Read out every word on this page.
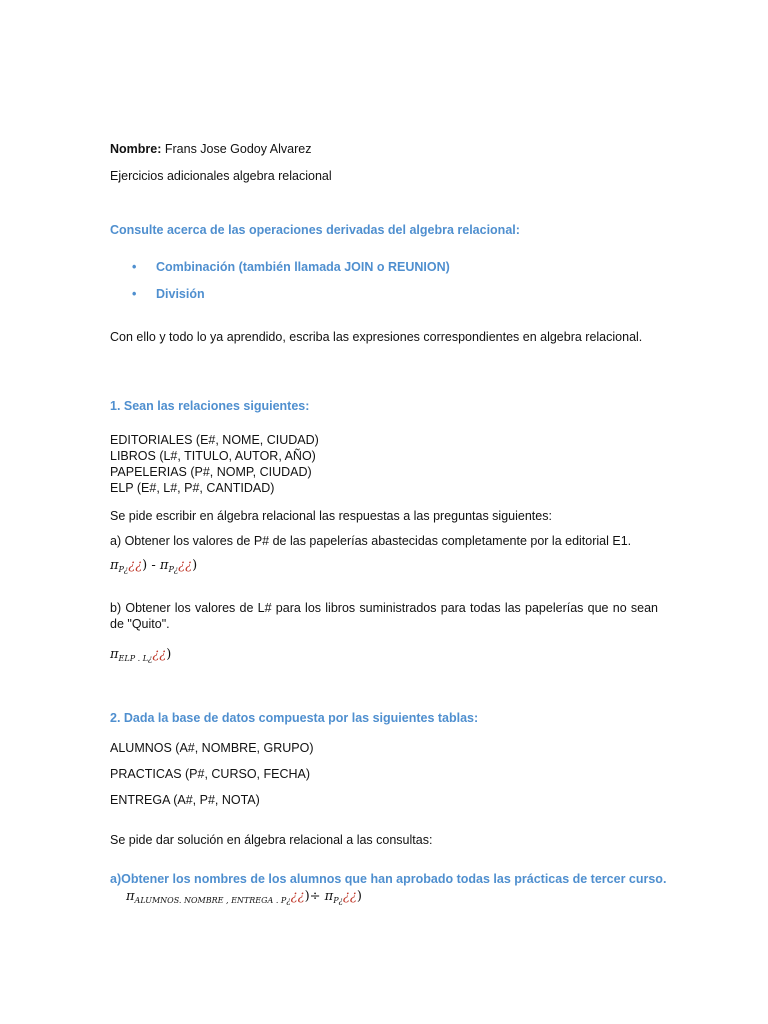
Nombre: Frans Jose Godoy Alvarez
Ejercicios adicionales algebra relacional
Consulte acerca de las operaciones derivadas del algebra relacional:
• Combinación (también llamada JOIN o REUNION)
• División
Con ello y todo lo ya aprendido, escriba las expresiones correspondientes en algebra relacional.
1. Sean las relaciones siguientes:
EDITORIALES (E#, NOME, CIUDAD)
LIBROS (L#, TITULO, AUTOR, AÑO)
PAPELERIAS (P#, NOMP, CIUDAD)
ELP (E#, L#, P#, CANTIDAD)
Se pide escribir en álgebra relacional las respuestas a las preguntas siguientes:
a) Obtener los valores de P# de las papelerías abastecidas completamente por la editorial E1.
$\pi_{P¿}¿¿$) - $\pi_{P¿}¿¿$)
b) Obtener los valores de L# para los libros suministrados para todas las papelerías que no sean de "Quito".
$\pi_{ELP . L¿}¿¿$)
2. Dada la base de datos compuesta por las siguientes tablas:
ALUMNOS (A#, NOMBRE, GRUPO)
PRACTICAS (P#, CURSO, FECHA)
ENTREGA (A#, P#, NOTA)
Se pide dar solución en álgebra relacional a las consultas:
a)Obtener los nombres de los alumnos que han aprobado todas las prácticas de tercer curso.
$\pi_{ALUMNOS. NOMBRE , ENTREGA . P¿}¿¿)\div$ $\pi_{P¿}¿¿$)
